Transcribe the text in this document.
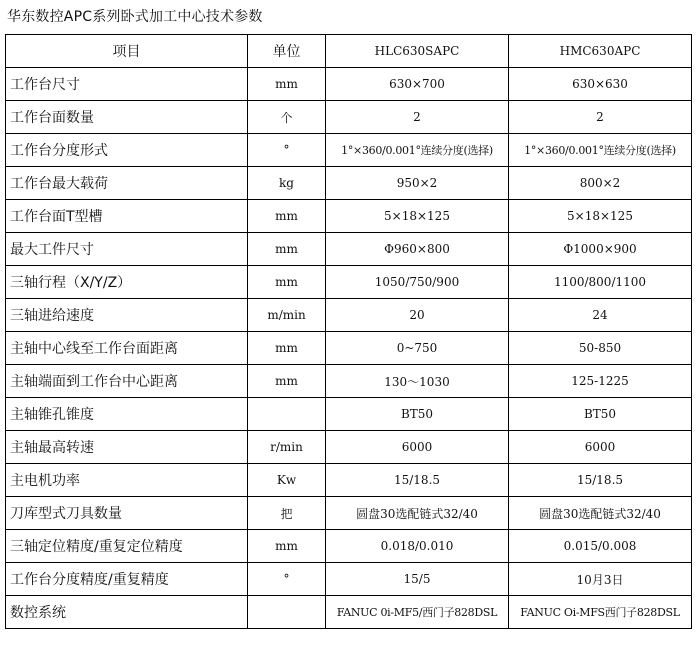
华东数控APC系列卧式加工中心技术参数
项目	单位	HLC630SAPC	HMC630APC
工作台尺寸	mm	630×700	630×630
工作台面数量	个	2	2
工作台分度形式	°	1°×360/0.001°连续分度(选择)	1°×360/0.001°连续分度(选择)
工作台最大载荷	kg	950×2	800×2
工作台面T型槽	mm	5×18×125	5×18×125
最大工件尺寸	mm	Φ960×800	Φ1000×900
三轴行程（X/Y/Z）	mm	1050/750/900	1100/800/1100
三轴进给速度	m/min	20	24
主轴中心线至工作台面距离	mm	0~750	50-850
主轴端面到工作台中心距离	mm	130～1030	125-1225
主轴锥孔锥度		BT50	BT50
主轴最高转速	r/min	6000	6000
主电机功率	Kw	15/18.5	15/18.5
刀库型式刀具数量	把	圆盘30选配链式32/40	圆盘30选配链式32/40
三轴定位精度/重复定位精度	mm	0.018/0.010	0.015/0.008
工作台分度精度/重复精度	°	15/5	10月3日
数控系统		FANUC 0i-MF5/西门子828DSL	FANUC Oi-MFS西门子828DSL
